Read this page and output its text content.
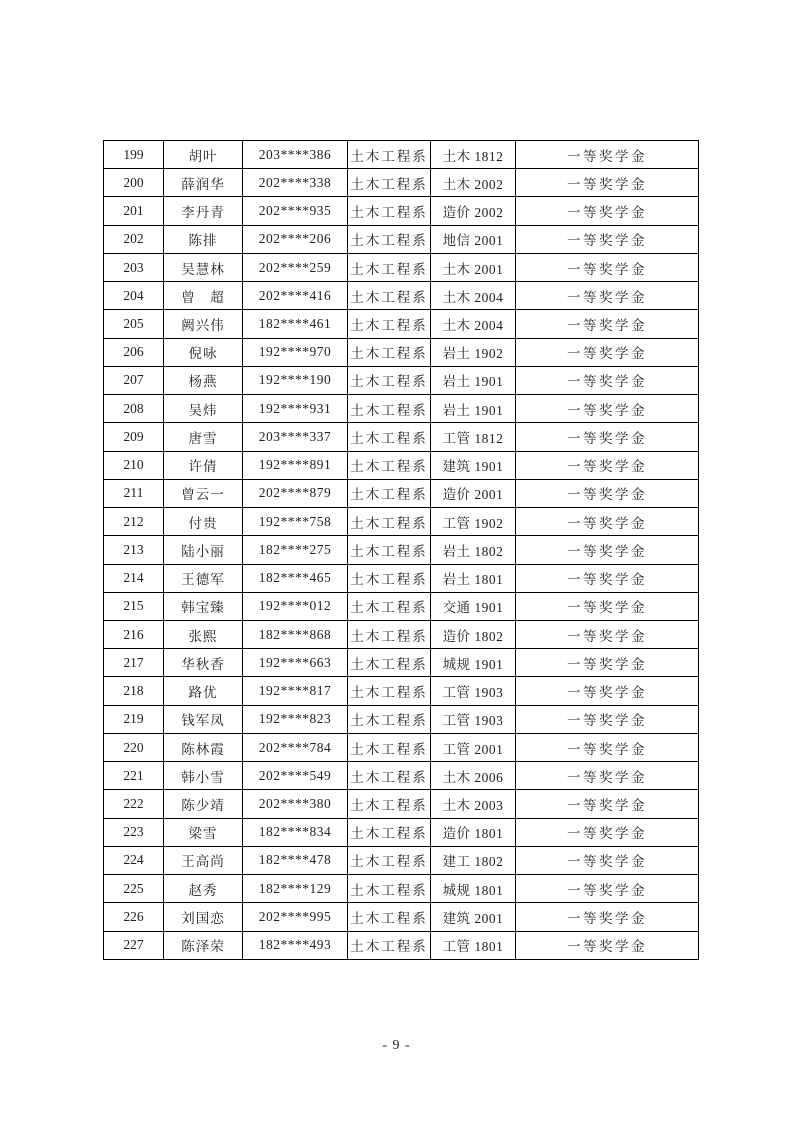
199	胡叶	203****386	土木工程系	土木 1812	一等奖学金
200	薛润华	202****338	土木工程系	土木 2002	一等奖学金
201	李丹青	202****935	土木工程系	造价 2002	一等奖学金
202	陈排	202****206	土木工程系	地信 2001	一等奖学金
203	吴慧林	202****259	土木工程系	土木 2001	一等奖学金
204	曾　超	202****416	土木工程系	土木 2004	一等奖学金
205	阙兴伟	182****461	土木工程系	土木 2004	一等奖学金
206	倪咏	192****970	土木工程系	岩土 1902	一等奖学金
207	杨燕	192****190	土木工程系	岩土 1901	一等奖学金
208	吴炜	192****931	土木工程系	岩土 1901	一等奖学金
209	唐雪	203****337	土木工程系	工管 1812	一等奖学金
210	许倩	192****891	土木工程系	建筑 1901	一等奖学金
211	曾云一	202****879	土木工程系	造价 2001	一等奖学金
212	付贵	192****758	土木工程系	工管 1902	一等奖学金
213	陆小丽	182****275	土木工程系	岩土 1802	一等奖学金
214	王德军	182****465	土木工程系	岩土 1801	一等奖学金
215	韩宝臻	192****012	土木工程系	交通 1901	一等奖学金
216	张熙	182****868	土木工程系	造价 1802	一等奖学金
217	华秋香	192****663	土木工程系	城规 1901	一等奖学金
218	路优	192****817	土木工程系	工管 1903	一等奖学金
219	钱军凤	192****823	土木工程系	工管 1903	一等奖学金
220	陈林霞	202****784	土木工程系	工管 2001	一等奖学金
221	韩小雪	202****549	土木工程系	土木 2006	一等奖学金
222	陈少靖	202****380	土木工程系	土木 2003	一等奖学金
223	梁雪	182****834	土木工程系	造价 1801	一等奖学金
224	王高尚	182****478	土木工程系	建工 1802	一等奖学金
225	赵秀	182****129	土木工程系	城规 1801	一等奖学金
226	刘国恋	202****995	土木工程系	建筑 2001	一等奖学金
227	陈泽荣	182****493	土木工程系	工管 1801	一等奖学金
- 9 -
